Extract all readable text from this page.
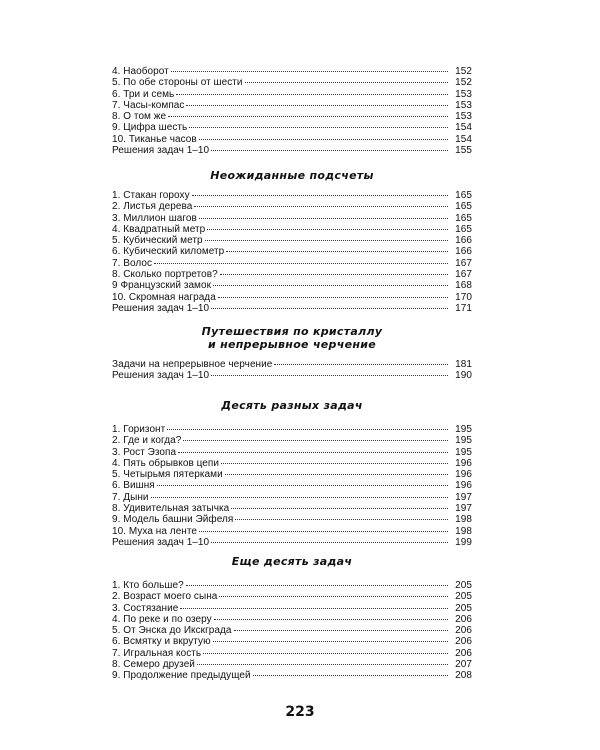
4. Наоборот	152
5. По обе стороны от шести	152
6. Три и семь	153
7. Часы-компас	153
8. О том же	153
9. Цифра шесть	154
10. Тиканье часов	154
Решения задач 1–10	155
Неожиданные подсчеты
1. Стакан гороху	165
2. Листья дерева	165
3. Миллион шагов	165
4. Квадратный метр	165
5. Кубический метр	166
6. Кубический километр	166
7. Волос	167
8. Сколько портретов?	167
9 Французский замок	168
10. Скромная награда	170
Решения задач 1–10	171
Путешествия по кристаллу
и непрерывное черчение
Задачи на непрерывное черчение	181
Решения задач 1–10	190
Десять разных задач
1. Горизонт	195
2. Где и когда?	195
3. Рост Эзопа	195
4. Пять обрывков цепи	196
5. Четырьмя пятерками	196
6. Вишня	196
7. Дыни	197
8. Удивительная затычка	197
9. Модель башни Эйфеля	198
10. Муха на ленте	198
Решения задач 1–10	199
Еще десять задач
1. Кто больше?	205
2. Возраст моего сына	205
3. Состязание	205
4. По реке и по озеру	206
5. От Энска до Икскграда	206
6. Всмятку и вкрутую	206
7. Игральная кость	206
8. Семеро друзей	207
9. Продолжение предыдущей	208
223
